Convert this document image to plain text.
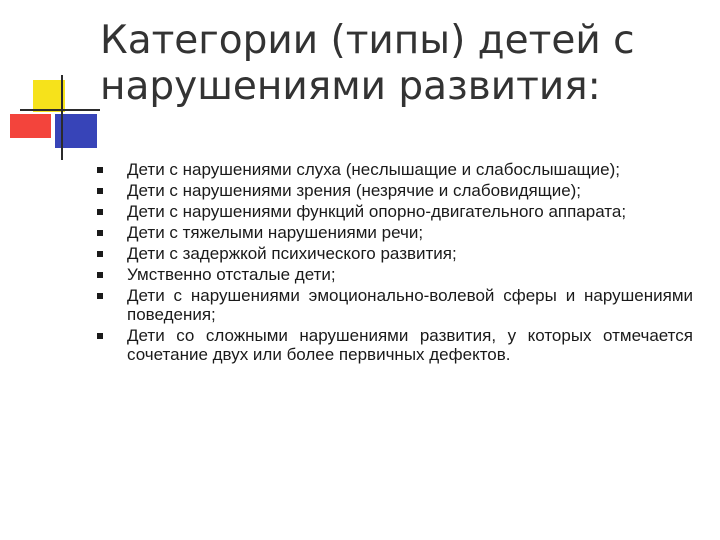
Категории (типы) детей с
нарушениями развития:
Дети с нарушениями слуха (неслышащие и слабослышащие);
Дети с нарушениями зрения (незрячие и слабовидящие);
Дети с нарушениями функций опорно-двигательного аппарата;
Дети с тяжелыми нарушениями речи;
Дети с задержкой психического развития;
Умственно отсталые дети;
Дети с нарушениями эмоционально-волевой сферы и нарушениями поведения;
Дети со сложными нарушениями развития, у которых отмечается сочетание двух или более первичных дефектов.
